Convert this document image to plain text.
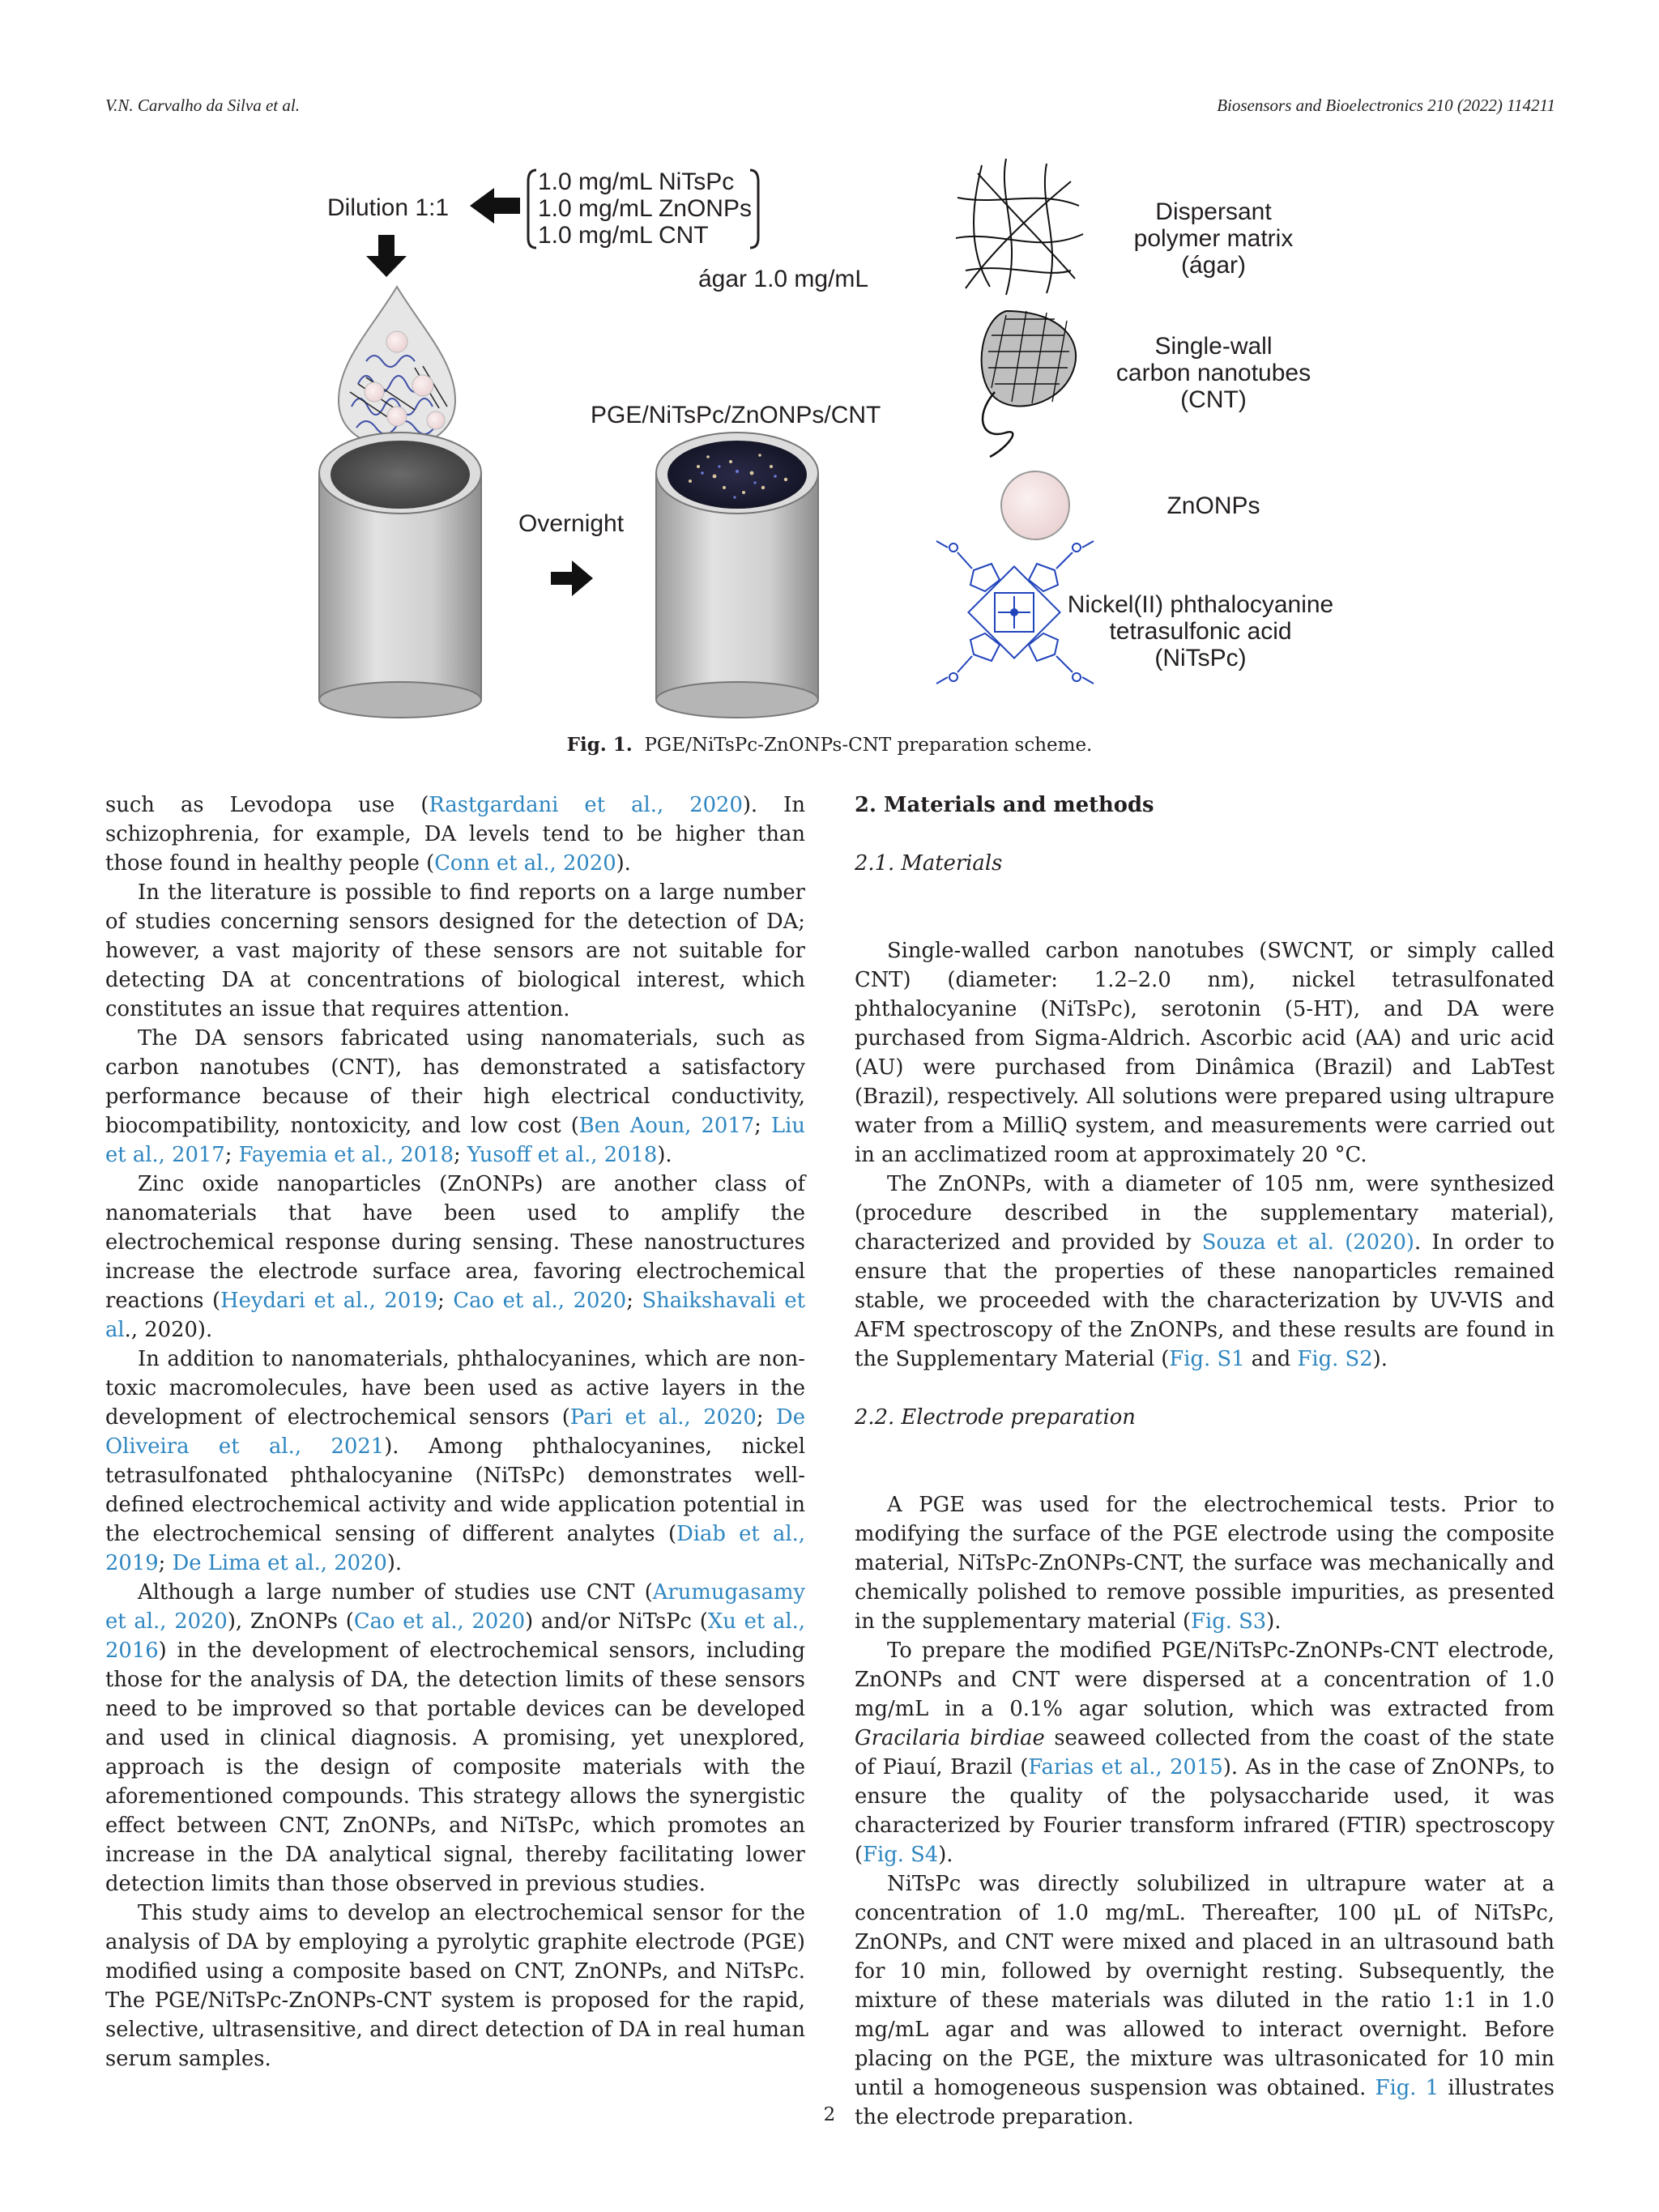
V.N. Carvalho da Silva et al.	Biosensors and Bioelectronics 210 (2022) 114211
1.0 mg/mL NiTsPc
1.0 mg/mL ZnONPs
1.0 mg/mL CNT
ágar 1.0 mg/mL
Dilution 1:1
Overnight
PGE/NiTsPc/ZnONPs/CNT
Dispersant
polymer matrix
(ágar)
Single-wall
carbon nanotubes
(CNT)
ZnONPs
Nickel(II) phthalocyanine
tetrasulfonic acid
(NiTsPc)
Fig. 1. PGE/NiTsPc-ZnONPs-CNT preparation scheme.

such as Levodopa use (Rastgardani et al., 2020). In schizophrenia, for example, DA levels tend to be higher than those found in healthy people (Conn et al., 2020).

In the literature is possible to find reports on a large number of studies concerning sensors designed for the detection of DA; however, a vast majority of these sensors are not suitable for detecting DA at concentrations of biological interest, which constitutes an issue that requires attention.

The DA sensors fabricated using nanomaterials, such as carbon nanotubes (CNT), has demonstrated a satisfactory performance because of their high electrical conductivity, biocompatibility, nontoxicity, and low cost (Ben Aoun, 2017; Liu et al., 2017; Fayemia et al., 2018; Yusoff et al., 2018).

Zinc oxide nanoparticles (ZnONPs) are another class of nanomaterials that have been used to amplify the electrochemical response during sensing. These nanostructures increase the electrode surface area, favoring electrochemical reactions (Heydari et al., 2019; Cao et al., 2020; Shaikshavali et al., 2020).

In addition to nanomaterials, phthalocyanines, which are non-toxic macromolecules, have been used as active layers in the development of electrochemical sensors (Pari et al., 2020; De Oliveira et al., 2021). Among phthalocyanines, nickel tetrasulfonated phthalocyanine (NiTsPc) demonstrates well-defined electrochemical activity and wide application potential in the electrochemical sensing of different analytes (Diab et al., 2019; De Lima et al., 2020).

Although a large number of studies use CNT (Arumugasamy et al., 2020), ZnONPs (Cao et al., 2020) and/or NiTsPc (Xu et al., 2016) in the development of electrochemical sensors, including those for the analysis of DA, the detection limits of these sensors need to be improved so that portable devices can be developed and used in clinical diagnosis. A promising, yet unexplored, approach is the design of composite materials with the aforementioned compounds. This strategy allows the synergistic effect between CNT, ZnONPs, and NiTsPc, which promotes an increase in the DA analytical signal, thereby facilitating lower detection limits than those observed in previous studies.

This study aims to develop an electrochemical sensor for the analysis of DA by employing a pyrolytic graphite electrode (PGE) modified using a composite based on CNT, ZnONPs, and NiTsPc. The PGE/NiTsPc-ZnONPs-CNT system is proposed for the rapid, selective, ultrasensitive, and direct detection of DA in real human serum samples.

2. Materials and methods

2.1. Materials

Single-walled carbon nanotubes (SWCNT, or simply called CNT) (diameter: 1.2–2.0 nm), nickel tetrasulfonated phthalocyanine (NiTsPc), serotonin (5-HT), and DA were purchased from Sigma-Aldrich. Ascorbic acid (AA) and uric acid (AU) were purchased from Dinâmica (Brazil) and LabTest (Brazil), respectively. All solutions were prepared using ultrapure water from a MilliQ system, and measurements were carried out in an acclimatized room at approximately 20 °C.

The ZnONPs, with a diameter of 105 nm, were synthesized (procedure described in the supplementary material), characterized and provided by Souza et al. (2020). In order to ensure that the properties of these nanoparticles remained stable, we proceeded with the characterization by UV-VIS and AFM spectroscopy of the ZnONPs, and these results are found in the Supplementary Material (Fig. S1 and Fig. S2).

2.2. Electrode preparation

A PGE was used for the electrochemical tests. Prior to modifying the surface of the PGE electrode using the composite material, NiTsPc-ZnONPs-CNT, the surface was mechanically and chemically polished to remove possible impurities, as presented in the supplementary material (Fig. S3).

To prepare the modified PGE/NiTsPc-ZnONPs-CNT electrode, ZnONPs and CNT were dispersed at a concentration of 1.0 mg/mL in a 0.1% agar solution, which was extracted from Gracilaria birdiae seaweed collected from the coast of the state of Piauí, Brazil (Farias et al., 2015). As in the case of ZnONPs, to ensure the quality of the polysaccharide used, it was characterized by Fourier transform infrared (FTIR) spectroscopy (Fig. S4).

NiTsPc was directly solubilized in ultrapure water at a concentration of 1.0 mg/mL. Thereafter, 100 μL of NiTsPc, ZnONPs, and CNT were mixed and placed in an ultrasound bath for 10 min, followed by overnight resting. Subsequently, the mixture of these materials was diluted in the ratio 1:1 in 1.0 mg/mL agar and was allowed to interact overnight. Before placing on the PGE, the mixture was ultrasonicated for 10 min until a homogeneous suspension was obtained. Fig. 1 illustrates the electrode preparation.

2
